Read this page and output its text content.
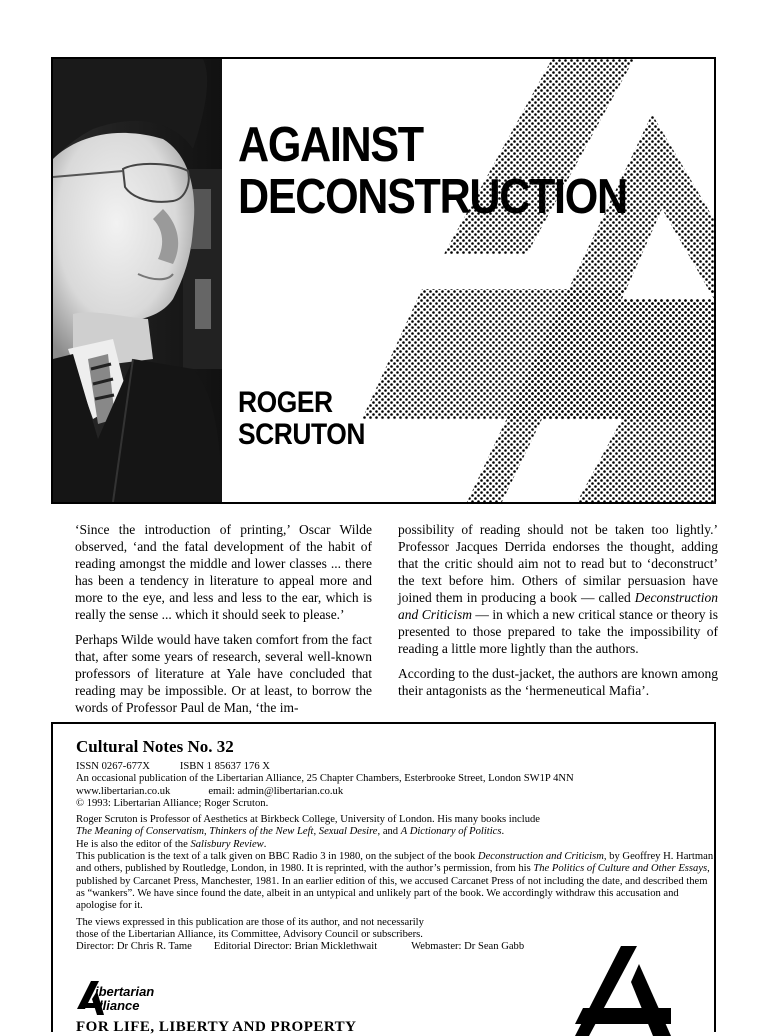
AGAINST
DECONSTRUCTION
ROGER
SCRUTON

‘Since the introduction of printing,’ Oscar Wilde observed, ‘and the fatal development of the habit of reading amongst the middle and lower classes ... there has been a tendency in literature to appeal more and more to the eye, and less and less to the ear, which is really the sense ... which it should seek to please.’

Perhaps Wilde would have taken comfort from the fact that, after some years of research, several well-known professors of literature at Yale have concluded that reading may be impossible. Or at least, to borrow the words of Professor Paul de Man, ‘the im-

possibility of reading should not be taken too lightly.’ Professor Jacques Derrida endorses the thought, adding that the critic should aim not to read but to ‘deconstruct’ the text before him. Others of similar persuasion have joined them in producing a book — called Deconstruction and Criticism — in which a new critical stance or theory is presented to those prepared to take the impossibility of reading a little more lightly than the authors.

According to the dust-jacket, the authors are known among their antagonists as the ‘hermeneutical Mafia’.

Cultural Notes No. 32

ISSN 0267-677X	ISBN 1 85637 176 X

An occasional publication of the Libertarian Alliance, 25 Chapter Chambers, Esterbrooke Street, London SW1P 4NN

www.libertarian.co.uk	email: admin@libertarian.co.uk

© 1993: Libertarian Alliance; Roger Scruton.

Roger Scruton is Professor of Aesthetics at Birkbeck College, University of London. His many books include
The Meaning of Conservatism, Thinkers of the New Left, Sexual Desire, and A Dictionary of Politics.
He is also the editor of the Salisbury Review.

This publication is the text of a talk given on BBC Radio 3 in 1980, on the subject of the book Deconstruction and Criticism, by Geoffrey H. Hartman and others, published by Routledge, London, in 1980. It is reprinted, with the author’s permission, from his The Politics of Culture and Other Essays, published by Carcanet Press, Manchester, 1981. In an earlier edition of this, we accused Carcanet Press of not including the date, and described them as “wankers”. We have since found the date, albeit in an untypical and unlikely part of the book. We accordingly withdraw this accusation and apologise for it.

The views expressed in this publication are those of its author, and not necessarily
those of the Libertarian Alliance, its Committee, Advisory Council or subscribers.

Director: Dr Chris R. Tame Editorial Director: Brian Micklethwait	Webmaster: Dr Sean Gabb

ibertarian
lliance

FOR LIFE, LIBERTY AND PROPERTY
